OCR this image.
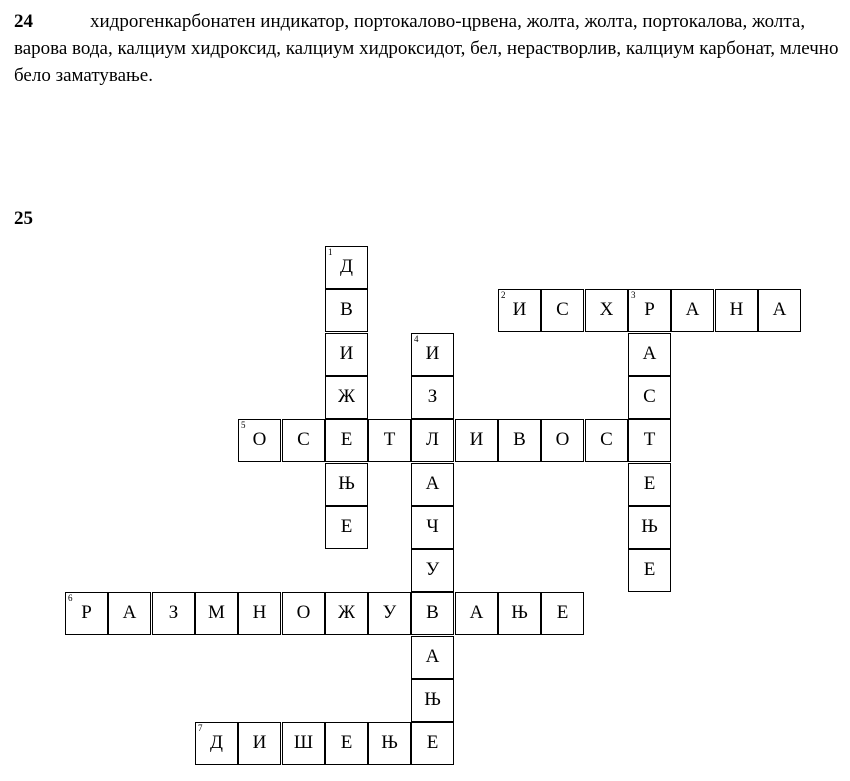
24	хидрогенкарбонатен индикатор, портокалово-црвена, жолта, жолта, портокалова, жолта, варова вода, калциум хидроксид, калциум хидроксидот, бел, нерастворлив, калциум карбонат, млечно бело заматување.
25
1
Д
В
И
Ж
Е
Њ
Е
2
И	С	Х
3
Р	А	Н	А
А
С
Т
Е
Њ
Е
4
И
З
Л
А
Ч
У
В
А
Њ
Е
5
О	С	Т	И	В	О	С
6
Р	А	З	М	Н	О	Ж	У	А	Њ	Е
7
Д	И	Ш	Е	Њ
